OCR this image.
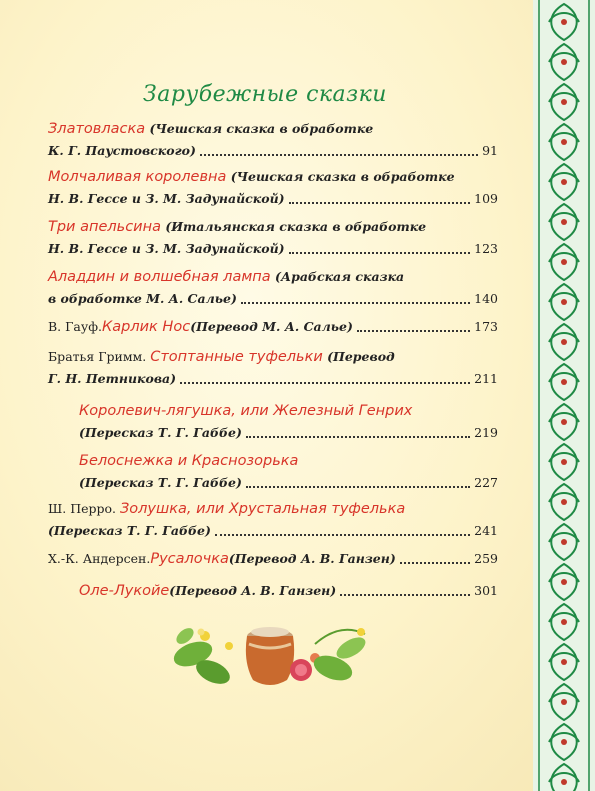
Зарубежные сказки
Златовласка (Чешская сказка в обработке
К. Г. Паустовского)	91
Молчаливая королевна (Чешская сказка в обработке
Н. В. Гессе и З. М. Задунайской)	109
Три апельсина (Итальянская сказка в обработке
Н. В. Гессе и З. М. Задунайской)	123
Аладдин и волшебная лампа (Арабская сказка
в обработке М. А. Салье)	140
В. Гауф. Карлик Нос (Перевод М. А. Салье)	173
Братья Гримм. Стоптанные туфельки (Перевод
Г. Н. Петникова)	211
Королевич-лягушка, или Железный Генрих
(Пересказ Т. Г. Габбе)	219
Белоснежка и Краснозорька
(Пересказ Т. Г. Габбе)	227
Ш. Перро. Золушка, или Хрустальная туфелька
(Пересказ Т. Г. Габбе)	241
Х.-К. Андерсен. Русалочка (Перевод А. В. Ганзен)	259
Оле-Лукойе (Перевод А. В. Ганзен)	301
